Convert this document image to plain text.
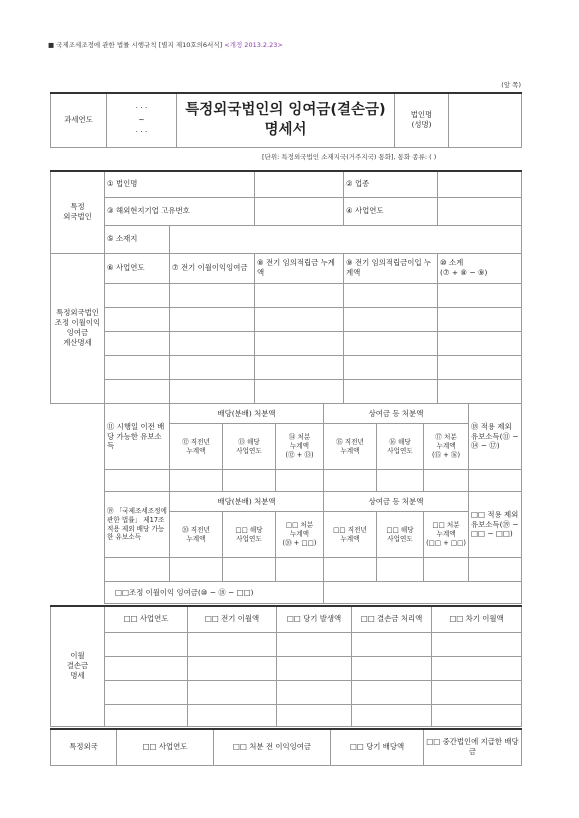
■ 국제조세조정에 관한 법률 시행규칙 [별지 제10호의6서식] <개정 2013.2.23>
(앞 쪽)
과세연도	
· · ·
~
· · ·

특정외국법인의 잉여금(결손금)
명세서
	법인명
(성명)	
[단위: 특정외국법인 소재지국(거주지국) 통화], 통화 종류: ( )
특정
외국법인	① 법인명			② 업종	
	③ 해외현지기업 고유번호			④ 사업연도	
	⑤ 소재지				
특정외국법인
조정 이월이익
잉여금
계산명세	⑥ 사업연도	⑦ 전기 이월이익잉여금	⑧ 전기 임의적립금 누계액	⑨ 전기 임의적립금이입 누계액	⑩ 소계
(⑦ + ⑧ − ⑨)

⑪ 시행일 이전 배당 가능한 유보소득	배당(분배) 처분액			상여금 등 처분액			⑱ 적용 제외 유보소득(⑪ − ⑭ − ⑰)
	⑫ 직전년
누계액	⑬ 해당
사업연도	⑭ 처분
누계액
(⑫ + ⑬)	⑮ 직전년
누계액	⑯ 해당
사업연도	⑰ 처분
누계액
(⑮ + ⑯)	

⑲ 「국제조세조정에 관한 법률」 제17조 적용 제외 배당 가능한 유보소득	배당(분배) 처분액			상여금 등 처분액			□□ 적용 제외 유보소득(⑲ − □□ − □□)
	⑳ 직전년
누계액	□□ 해당
사업연도	□□ 처분
누계액
(⑳ + □□)	□□ 직전년
누계액	□□ 해당
사업연도	□□ 처분
누계액
(□□ + □□)	

□□조정 이월이익 잉여금(⑩ − ⑱ − □□)							
이월
결손금
명세	□□ 사업연도	□□ 전기 이월액	□□ 당기 발생액	□□ 결손금 처리액	□□ 차기 이월액

특정외국	□□ 사업연도	□□ 처분 전 이익잉여금	□□ 당기 배당액	□□ 중간법인에 지급한 배당금
